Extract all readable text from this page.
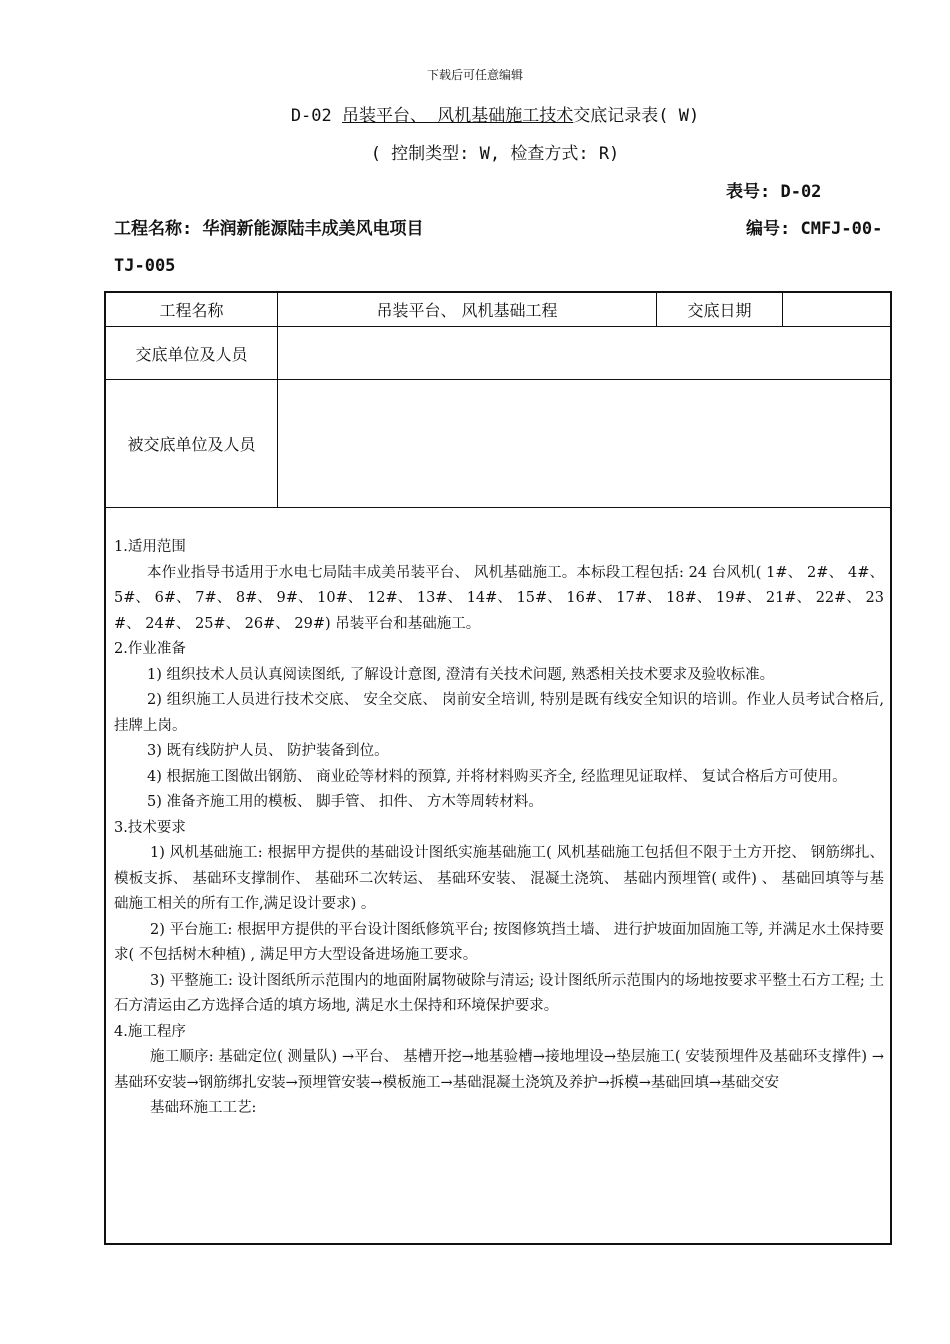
下载后可任意编辑
D-02 吊装平台、 风机基础施工技术交底记录表( W)
( 控制类型: W, 检查方式: R)
表号: D-02
工程名称: 华润新能源陆丰成美风电项目	编号: CMFJ-00-
TJ-005
工程名称	吊装平台、 风机基础工程	交底日期
交底单位及人员
被交底单位及人员

1.适用范围

本作业指导书适用于水电七局陆丰成美吊装平台、 风机基础施工。本标段工程包括: 24 台风机( 1#、 2#、 4#、 5#、 6#、 7#、 8#、 9#、 10#、 12#、 13#、 14#、 15#、 16#、 17#、 18#、 19#、 21#、 22#、 23#、 24#、 25#、 26#、 29#) 吊装平台和基础施工。

2.作业准备

1) 组织技术人员认真阅读图纸, 了解设计意图, 澄清有关技术问题, 熟悉相关技术要求及验收标准。

2) 组织施工人员进行技术交底、 安全交底、 岗前安全培训, 特别是既有线安全知识的培训。作业人员考试合格后, 挂牌上岗。

3) 既有线防护人员、 防护装备到位。

4) 根据施工图做出钢筋、 商业砼等材料的预算, 并将材料购买齐全, 经监理见证取样、 复试合格后方可使用。

5) 准备齐施工用的模板、 脚手管、 扣件、 方木等周转材料。

3.技术要求

1) 风机基础施工: 根据甲方提供的基础设计图纸实施基础施工( 风机基础施工包括但不限于土方开挖、 钢筋绑扎、 模板支拆、 基础环支撑制作、 基础环二次转运、 基础环安装、 混凝土浇筑、 基础内预埋管( 或件) 、 基础回填等与基础施工相关的所有工作,满足设计要求) 。

2) 平台施工: 根据甲方提供的平台设计图纸修筑平台; 按图修筑挡土墙、 进行护坡面加固施工等, 并满足水土保持要求( 不包括树木种植) , 满足甲方大型设备进场施工要求。

3) 平整施工: 设计图纸所示范围内的地面附属物破除与清运; 设计图纸所示范围内的场地按要求平整土石方工程; 土石方清运由乙方选择合适的填方场地, 满足水土保持和环境保护要求。

4.施工程序

施工顺序: 基础定位( 测量队) →平台、 基槽开挖→地基验槽→接地埋设→垫层施工( 安装预埋件及基础环支撑件) →基础环安装→钢筋绑扎安装→预埋管安装→模板施工→基础混凝土浇筑及养护→拆模→基础回填→基础交安

基础环施工工艺:
